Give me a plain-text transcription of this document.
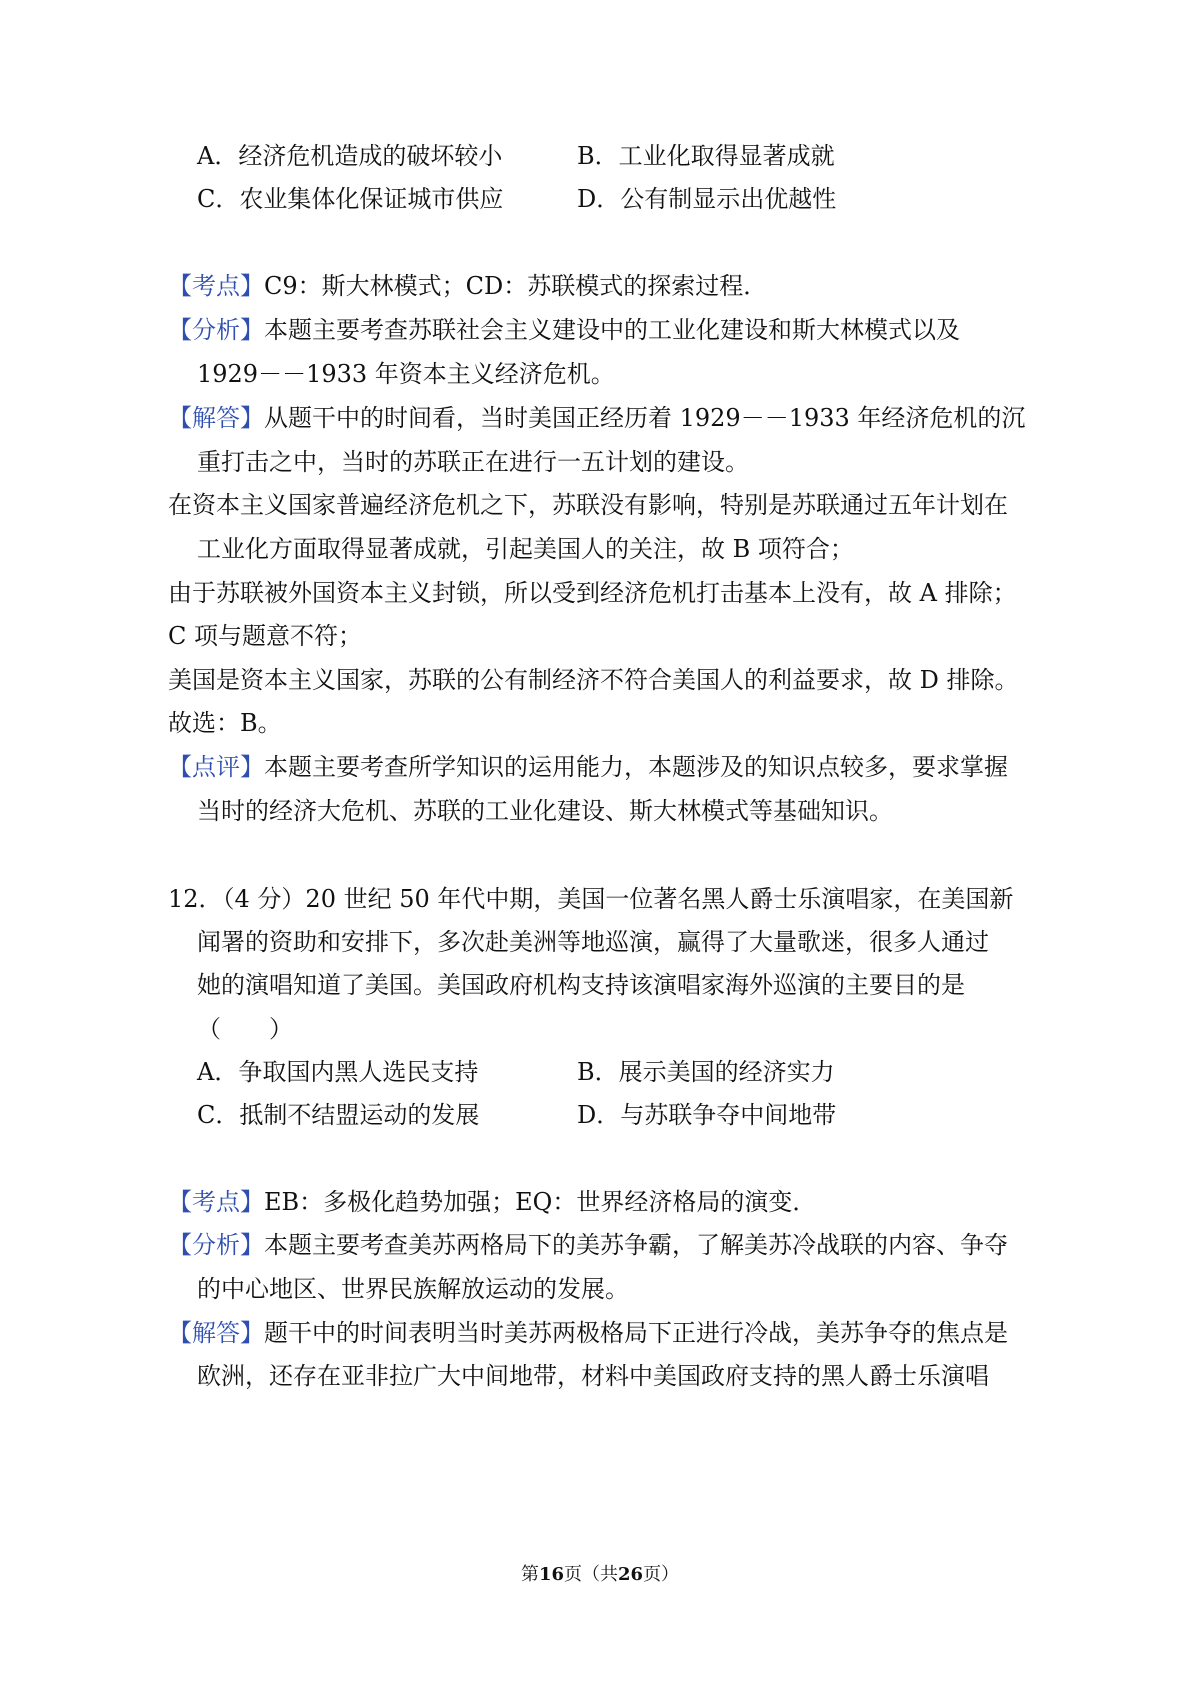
A．经济危机造成的破坏较小	B．工业化取得显著成就
C．农业集体化保证城市供应	D．公有制显示出优越性
【考点】C9：斯大林模式；CD：苏联模式的探索过程．
【分析】本题主要考查苏联社会主义建设中的工业化建设和斯大林模式以及
1929－－1933 年资本主义经济危机。
【解答】从题干中的时间看，当时美国正经历着 1929－－1933 年经济危机的沉
重打击之中，当时的苏联正在进行一五计划的建设。
在资本主义国家普遍经济危机之下，苏联没有影响，特别是苏联通过五年计划在
工业化方面取得显著成就，引起美国人的关注，故 B 项符合；
由于苏联被外国资本主义封锁，所以受到经济危机打击基本上没有，故 A 排除；
C 项与题意不符；
美国是资本主义国家，苏联的公有制经济不符合美国人的利益要求，故 D 排除。
故选：B。
【点评】本题主要考查所学知识的运用能力，本题涉及的知识点较多，要求掌握
当时的经济大危机、苏联的工业化建设、斯大林模式等基础知识。
12．（4 分）20 世纪 50 年代中期，美国一位著名黑人爵士乐演唱家，在美国新
闻署的资助和安排下，多次赴美洲等地巡演，赢得了大量歌迷，很多人通过
她的演唱知道了美国。美国政府机构支持该演唱家海外巡演的主要目的是
（　　）
A．争取国内黑人选民支持	B．展示美国的经济实力
C．抵制不结盟运动的发展	D．与苏联争夺中间地带
【考点】EB：多极化趋势加强；EQ：世界经济格局的演变．
【分析】本题主要考查美苏两格局下的美苏争霸，了解美苏冷战联的内容、争夺
的中心地区、世界民族解放运动的发展。
【解答】题干中的时间表明当时美苏两极格局下正进行冷战，美苏争夺的焦点是
欧洲，还存在亚非拉广大中间地带，材料中美国政府支持的黑人爵士乐演唱
第16页（共26页）
